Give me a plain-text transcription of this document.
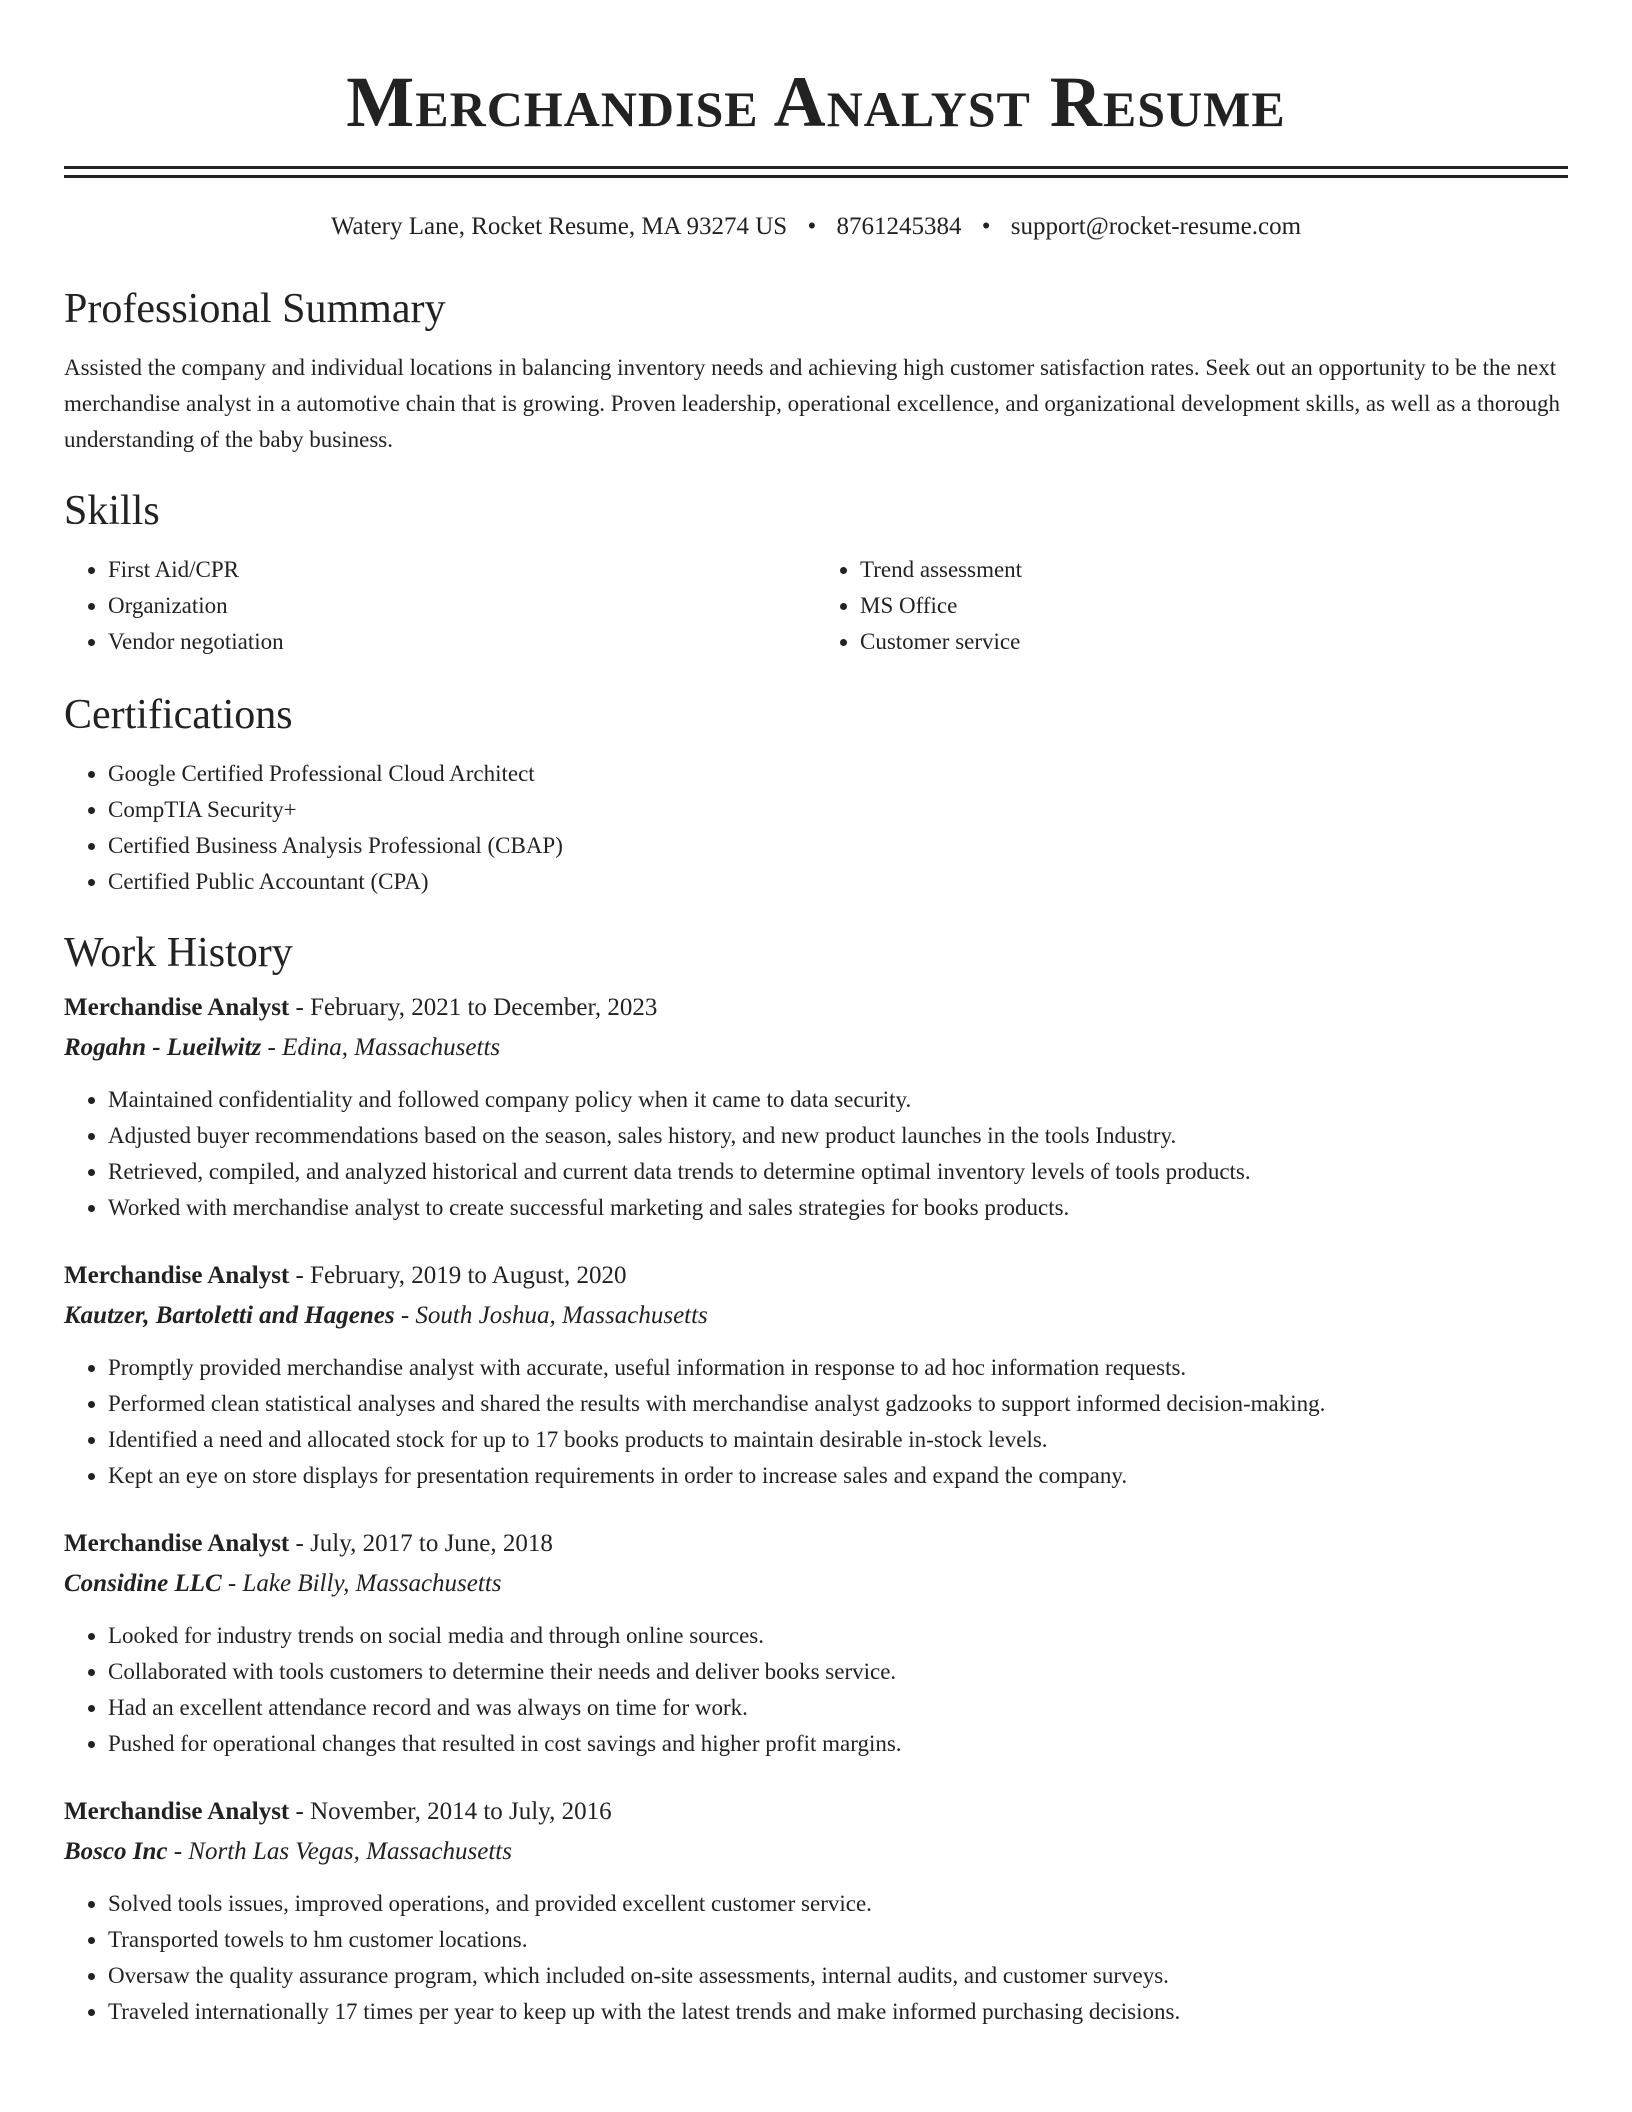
Merchandise Analyst Resume
Watery Lane, Rocket Resume, MA 93274 US • 8761245384 • support@rocket-resume.com
Professional Summary

Assisted the company and individual locations in balancing inventory needs and achieving high customer satisfaction rates. Seek out an opportunity to be the next merchandise analyst in a automotive chain that is growing. Proven leadership, operational excellence, and organizational development skills, as well as a thorough understanding of the baby business.

Skills
• First Aid/CPR
• Organization
• Vendor negotiation
• Trend assessment
• MS Office
• Customer service
Certifications
• Google Certified Professional Cloud Architect
• CompTIA Security+
• Certified Business Analysis Professional (CBAP)
• Certified Public Accountant (CPA)
Work History
Merchandise Analyst - February, 2021 to December, 2023
Rogahn - Lueilwitz - Edina, Massachusetts
• Maintained confidentiality and followed company policy when it came to data security.
• Adjusted buyer recommendations based on the season, sales history, and new product launches in the tools Industry.
• Retrieved, compiled, and analyzed historical and current data trends to determine optimal inventory levels of tools products.
• Worked with merchandise analyst to create successful marketing and sales strategies for books products.
Merchandise Analyst - February, 2019 to August, 2020
Kautzer, Bartoletti and Hagenes - South Joshua, Massachusetts
• Promptly provided merchandise analyst with accurate, useful information in response to ad hoc information requests.
• Performed clean statistical analyses and shared the results with merchandise analyst gadzooks to support informed decision-making.
• Identified a need and allocated stock for up to 17 books products to maintain desirable in-stock levels.
• Kept an eye on store displays for presentation requirements in order to increase sales and expand the company.
Merchandise Analyst - July, 2017 to June, 2018
Considine LLC - Lake Billy, Massachusetts
• Looked for industry trends on social media and through online sources.
• Collaborated with tools customers to determine their needs and deliver books service.
• Had an excellent attendance record and was always on time for work.
• Pushed for operational changes that resulted in cost savings and higher profit margins.
Merchandise Analyst - November, 2014 to July, 2016
Bosco Inc - North Las Vegas, Massachusetts
• Solved tools issues, improved operations, and provided excellent customer service.
• Transported towels to hm customer locations.
• Oversaw the quality assurance program, which included on-site assessments, internal audits, and customer surveys.
• Traveled internationally 17 times per year to keep up with the latest trends and make informed purchasing decisions.
